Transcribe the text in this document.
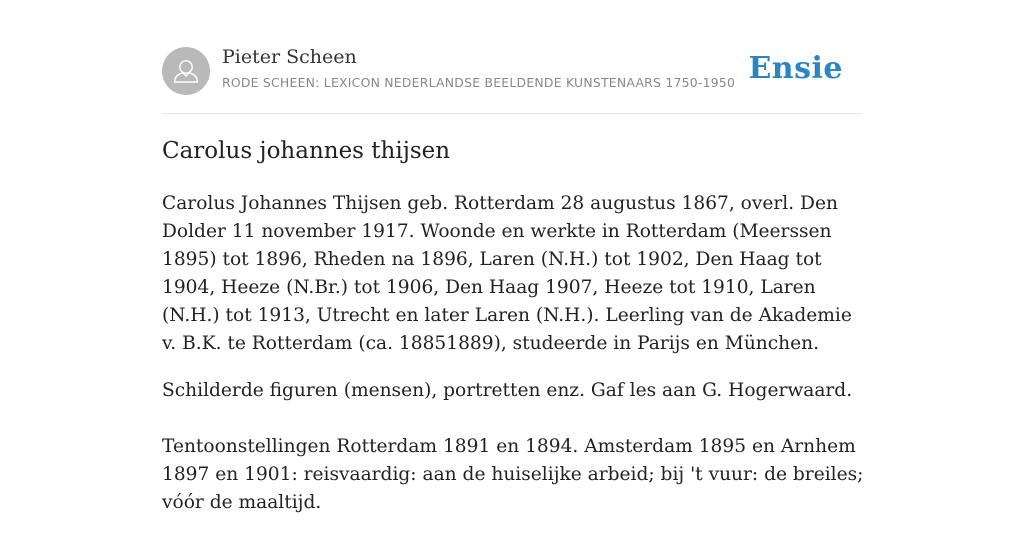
Pieter Scheen
RODE SCHEEN: LEXICON NEDERLANDSE BEELDENDE KUNSTENAARS 1750-1950 Ensie
Carolus johannes thijsen

Carolus Johannes Thijsen geb. Rotterdam 28 augustus 1867, overl. Den Dolder 11 november 1917. Woonde en werkte in Rotterdam (Meerssen 1895) tot 1896, Rheden na 1896, Laren (N.H.) tot 1902, Den Haag tot 1904, Heeze (N.Br.) tot 1906, Den Haag 1907, Heeze tot 1910, Laren (N.H.) tot 1913, Utrecht en later Laren (N.H.). Leerling van de Akademie v. B.K. te Rotterdam (ca. 18851889), studeerde in Parijs en München.

Schilderde figuren (mensen), portretten enz. Gaf les aan G. Hogerwaard.

Tentoonstellingen Rotterdam 1891 en 1894. Amsterdam 1895 en Arnhem 1897 en 1901: reisvaardig: aan de huiselijke arbeid; bij 't vuur: de breiles; vóór de maaltijd.
